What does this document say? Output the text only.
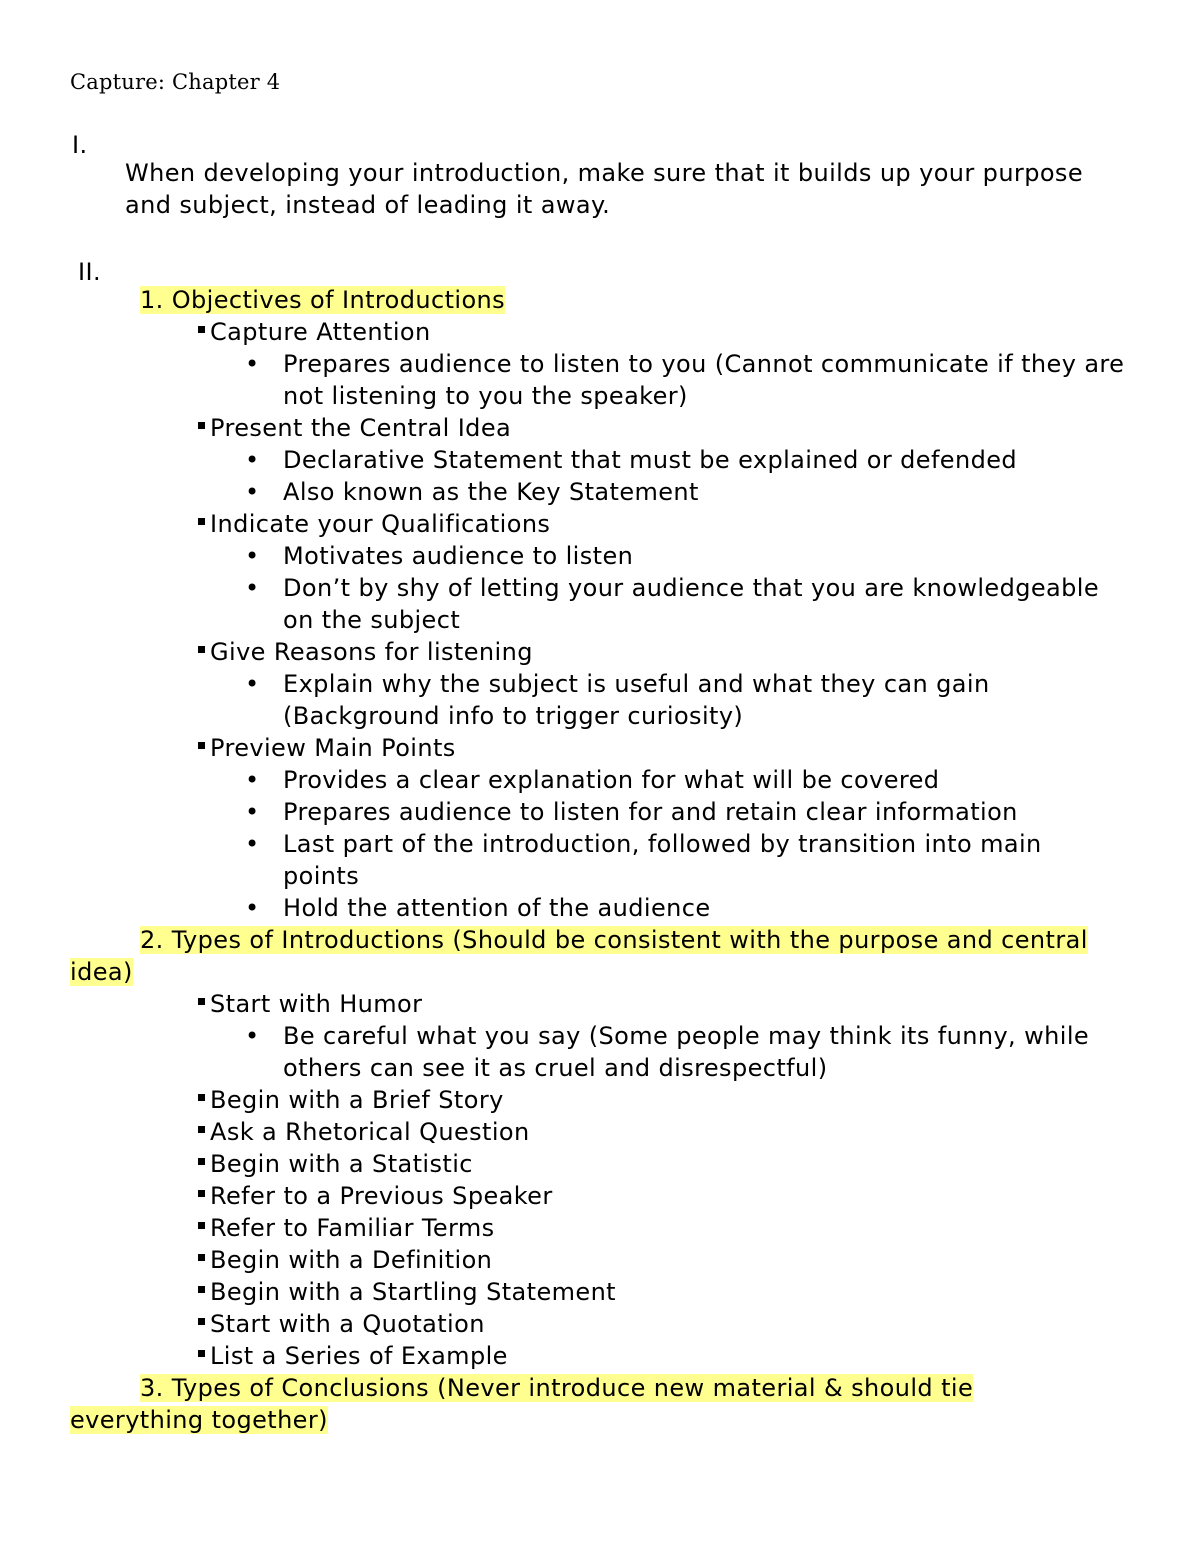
Capture: Chapter 4
I.
When developing your introduction, make sure that it builds up your purpose and subject, instead of leading it away.
II.
1. Objectives of Introductions
Capture Attention
• Prepares audience to listen to you (Cannot communicate if they are not listening to you the speaker)
Present the Central Idea
• Declarative Statement that must be explained or defended
• Also known as the Key Statement
Indicate your Qualifications
• Motivates audience to listen
• Don’t by shy of letting your audience that you are knowledgeable on the subject
Give Reasons for listening
• Explain why the subject is useful and what they can gain (Background info to trigger curiosity)
Preview Main Points
• Provides a clear explanation for what will be covered
• Prepares audience to listen for and retain clear information
• Last part of the introduction, followed by transition into main points
• Hold the attention of the audience
2. Types of Introductions (Should be consistent with the purpose and central idea)
Start with Humor
• Be careful what you say (Some people may think its funny, while others can see it as cruel and disrespectful)
Begin with a Brief Story
Ask a Rhetorical Question
Begin with a Statistic
Refer to a Previous Speaker
Refer to Familiar Terms
Begin with a Definition
Begin with a Startling Statement
Start with a Quotation
List a Series of Example
3. Types of Conclusions (Never introduce new material & should tie everything together)
